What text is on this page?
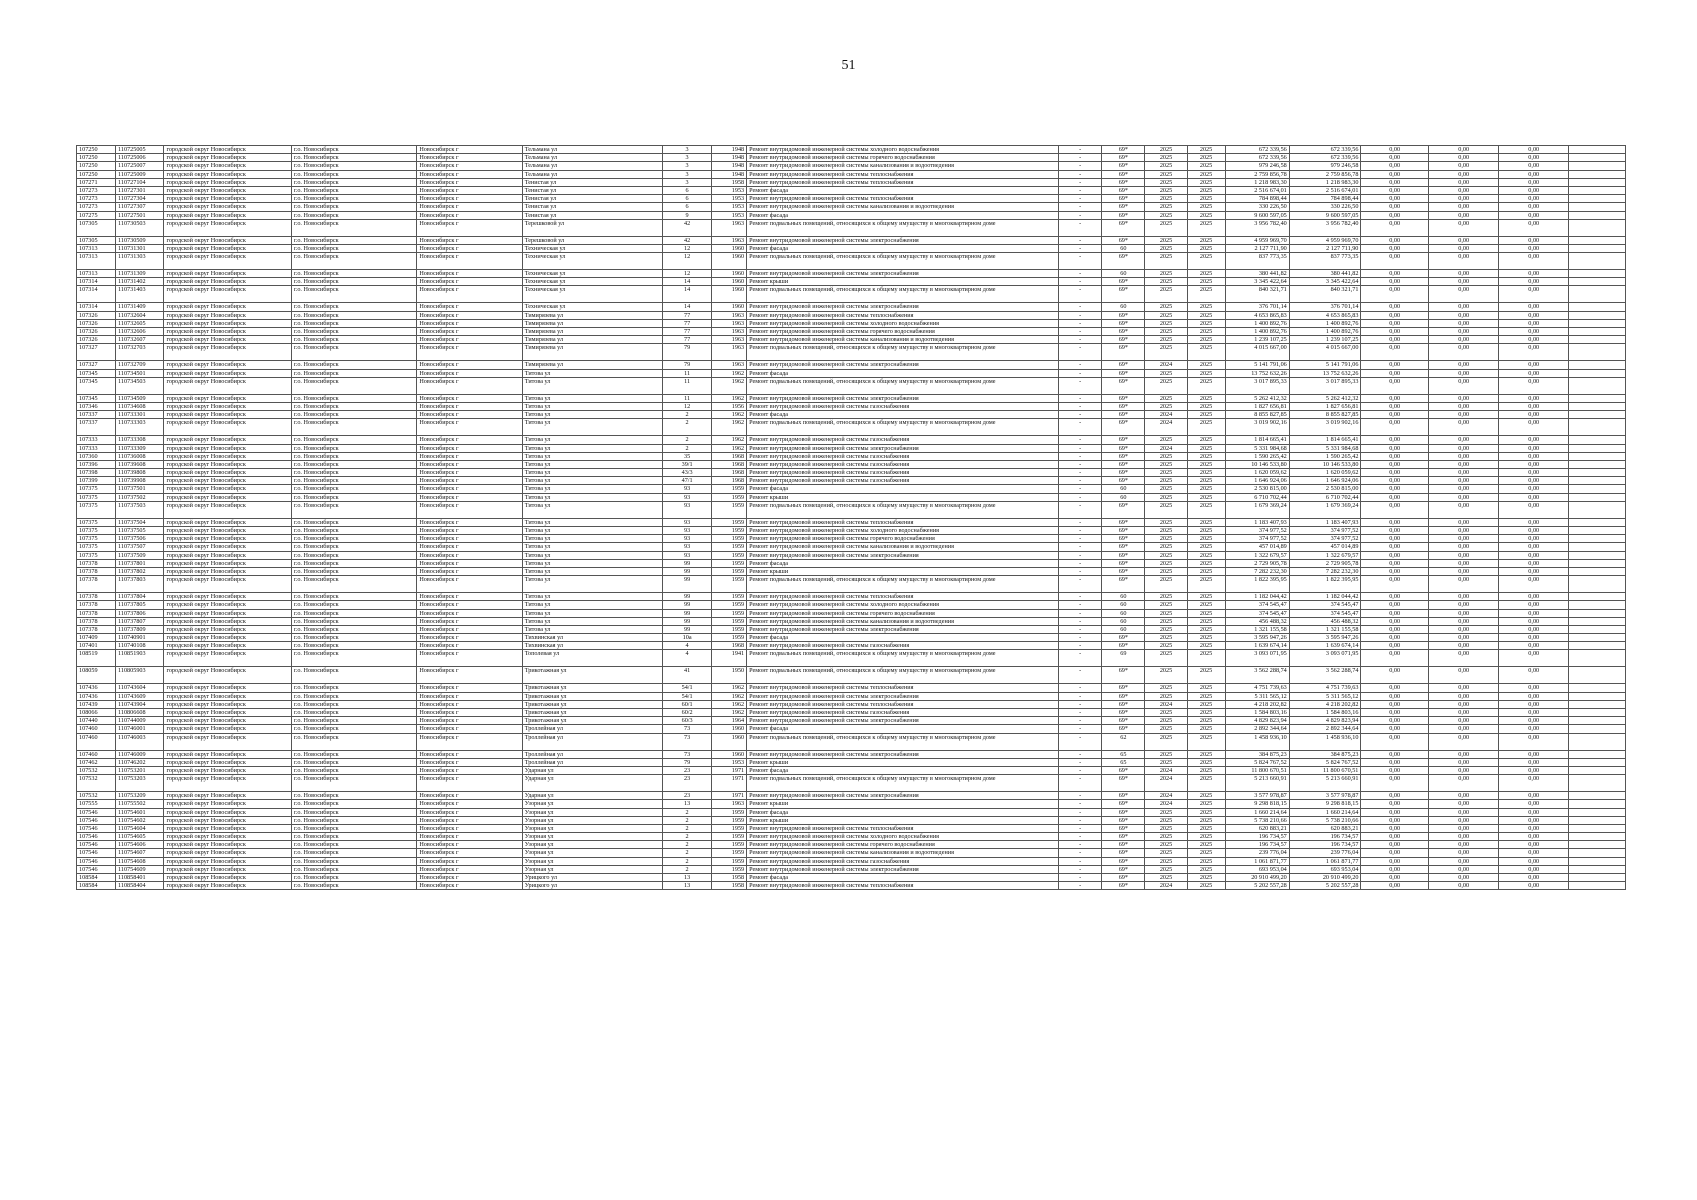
51
107250	110725005	городской округ Новосибирск	г.о. Новосибирск	Новосибирск г	Тельмана ул	3	1948	Ремонт внутридомовой инженерной системы холодного водоснабжения	-	69*	2025	2025	672 339,56	672 339,56	0,00	0,00	0,00	
107250	110725006	городской округ Новосибирск	г.о. Новосибирск	Новосибирск г	Тельмана ул	3	1948	Ремонт внутридомовой инженерной системы горячего водоснабжения	-	69*	2025	2025	672 339,56	672 339,56	0,00	0,00	0,00	
107250	110725007	городской округ Новосибирск	г.о. Новосибирск	Новосибирск г	Тельмана ул	3	1948	Ремонт внутридомовой инженерной системы канализования и водоотведения	-	69*	2025	2025	979 246,58	979 246,58	0,00	0,00	0,00	
107250	110725009	городской округ Новосибирск	г.о. Новосибирск	Новосибирск г	Тельмана ул	3	1948	Ремонт внутридомовой инженерной системы теплоснабжения	-	69*	2025	2025	2 759 856,78	2 759 856,78	0,00	0,00	0,00	
107271	110727104	городской округ Новосибирск	г.о. Новосибирск	Новосибирск г	Тенистая ул	3	1958	Ремонт внутридомовой инженерной системы теплоснабжения	-	69*	2025	2025	1 218 983,30	1 218 983,30	0,00	0,00	0,00	
107273	110727301	городской округ Новосибирск	г.о. Новосибирск	Новосибирск г	Тенистая ул	6	1953	Ремонт фасада	-	69*	2025	2025	2 516 674,01	2 516 674,01	0,00	0,00	0,00	
107273	110727304	городской округ Новосибирск	г.о. Новосибирск	Новосибирск г	Тенистая ул	6	1953	Ремонт внутридомовой инженерной системы теплоснабжения	-	69*	2025	2025	784 898,44	784 898,44	0,00	0,00	0,00	
107273	110727307	городской округ Новосибирск	г.о. Новосибирск	Новосибирск г	Тенистая ул	6	1953	Ремонт внутридомовой инженерной системы канализования и водоотведения	-	69*	2025	2025	330 226,50	330 226,50	0,00	0,00	0,00	
107275	110727501	городской округ Новосибирск	г.о. Новосибирск	Новосибирск г	Тенистая ул	9	1953	Ремонт фасада	-	69*	2025	2025	9 600 597,05	9 600 597,05	0,00	0,00	0,00	
107305	110730503	городской округ Новосибирск	г.о. Новосибирск	Новосибирск г	Терешковой ул	42	1963	Ремонт подвальных помещений, относящихся к общему имуществу в многоквартирном доме	-	69*	2025	2025	3 956 782,40	3 956 782,40	0,00	0,00	0,00	
107305	110730509	городской округ Новосибирск	г.о. Новосибирск	Новосибирск г	Терешковой ул	42	1963	Ремонт внутридомовой инженерной системы электроснабжения	-	69*	2025	2025	4 959 969,70	4 959 969,70	0,00	0,00	0,00	
107313	110731301	городской округ Новосибирск	г.о. Новосибирск	Новосибирск г	Техническая ул	12	1960	Ремонт фасада	-	60	2025	2025	2 127 711,90	2 127 711,90	0,00	0,00	0,00	
107313	110731303	городской округ Новосибирск	г.о. Новосибирск	Новосибирск г	Техническая ул	12	1960	Ремонт подвальных помещений, относящихся к общему имуществу в многоквартирном доме	-	69*	2025	2025	837 773,35	837 773,35	0,00	0,00	0,00	
107313	110731309	городской округ Новосибирск	г.о. Новосибирск	Новосибирск г	Техническая ул	12	1960	Ремонт внутридомовой инженерной системы электроснабжения	-	60	2025	2025	380 441,82	380 441,82	0,00	0,00	0,00	
107314	110731402	городской округ Новосибирск	г.о. Новосибирск	Новосибирск г	Техническая ул	14	1960	Ремонт крыши	-	69*	2025	2025	3 345 422,64	3 345 422,64	0,00	0,00	0,00	
107314	110731403	городской округ Новосибирск	г.о. Новосибирск	Новосибирск г	Техническая ул	14	1960	Ремонт подвальных помещений, относящихся к общему имуществу в многоквартирном доме	-	69*	2025	2025	840 321,71	840 321,71	0,00	0,00	0,00	
107314	110731409	городской округ Новосибирск	г.о. Новосибирск	Новосибирск г	Техническая ул	14	1960	Ремонт внутридомовой инженерной системы электроснабжения	-	60	2025	2025	376 701,14	376 701,14	0,00	0,00	0,00	
107326	110732604	городской округ Новосибирск	г.о. Новосибирск	Новосибирск г	Тимирязева ул	77	1963	Ремонт внутридомовой инженерной системы теплоснабжения	-	69*	2025	2025	4 653 865,83	4 653 865,83	0,00	0,00	0,00	
107326	110732605	городской округ Новосибирск	г.о. Новосибирск	Новосибирск г	Тимирязева ул	77	1963	Ремонт внутридомовой инженерной системы холодного водоснабжения	-	69*	2025	2025	1 400 892,76	1 400 892,76	0,00	0,00	0,00	
107326	110732606	городской округ Новосибирск	г.о. Новосибирск	Новосибирск г	Тимирязева ул	77	1963	Ремонт внутридомовой инженерной системы горячего водоснабжения	-	69*	2025	2025	1 400 892,76	1 400 892,76	0,00	0,00	0,00	
107326	110732607	городской округ Новосибирск	г.о. Новосибирск	Новосибирск г	Тимирязева ул	77	1963	Ремонт внутридомовой инженерной системы канализования и водоотведения	-	69*	2025	2025	1 239 107,25	1 239 107,25	0,00	0,00	0,00	
107327	110732703	городской округ Новосибирск	г.о. Новосибирск	Новосибирск г	Тимирязева ул	79	1963	Ремонт подвальных помещений, относящихся к общему имуществу в многоквартирном доме	-	69*	2025	2025	4 015 667,00	4 015 667,00	0,00	0,00	0,00	
107327	110732709	городской округ Новосибирск	г.о. Новосибирск	Новосибирск г	Тимирязева ул	79	1963	Ремонт внутридомовой инженерной системы электроснабжения	-	69*	2024	2025	5 141 791,06	5 141 791,06	0,00	0,00	0,00	
107345	110734501	городской округ Новосибирск	г.о. Новосибирск	Новосибирск г	Титова ул	11	1962	Ремонт фасада	-	69*	2025	2025	13 752 632,26	13 752 632,26	0,00	0,00	0,00	
107345	110734503	городской округ Новосибирск	г.о. Новосибирск	Новосибирск г	Титова ул	11	1962	Ремонт подвальных помещений, относящихся к общему имуществу в многоквартирном доме	-	69*	2025	2025	3 017 895,33	3 017 895,33	0,00	0,00	0,00	
107345	110734509	городской округ Новосибирск	г.о. Новосибирск	Новосибирск г	Титова ул	11	1962	Ремонт внутридомовой инженерной системы электроснабжения	-	69*	2025	2025	5 262 412,32	5 262 412,32	0,00	0,00	0,00	
107346	110734608	городской округ Новосибирск	г.о. Новосибирск	Новосибирск г	Титова ул	12	1956	Ремонт внутридомовой инженерной системы газоснабжения	-	69*	2025	2025	1 827 656,81	1 827 656,81	0,00	0,00	0,00	
107337	110733301	городской округ Новосибирск	г.о. Новосибирск	Новосибирск г	Титова ул	2	1962	Ремонт фасада	-	69*	2024	2025	8 855 827,85	8 855 827,85	0,00	0,00	0,00	
107337	110733303	городской округ Новосибирск	г.о. Новосибирск	Новосибирск г	Титова ул	2	1962	Ремонт подвальных помещений, относящихся к общему имуществу в многоквартирном доме	-	69*	2024	2025	3 019 902,16	3 019 902,16	0,00	0,00	0,00	
107333	110733308	городской округ Новосибирск	г.о. Новосибирск	Новосибирск г	Титова ул	2	1962	Ремонт внутридомовой инженерной системы газоснабжения	-	69*	2025	2025	1 814 665,41	1 814 665,41	0,00	0,00	0,00	
107333	110733309	городской округ Новосибирск	г.о. Новосибирск	Новосибирск г	Титова ул	2	1962	Ремонт внутридомовой инженерной системы электроснабжения	-	69*	2024	2025	5 331 984,68	5 331 984,68	0,00	0,00	0,00	
107360	110736008	городской округ Новосибирск	г.о. Новосибирск	Новосибирск г	Титова ул	35	1968	Ремонт внутридомовой инженерной системы газоснабжения	-	69*	2025	2025	1 590 265,42	1 590 265,42	0,00	0,00	0,00	
107396	110739608	городской округ Новосибирск	г.о. Новосибирск	Новосибирск г	Титова ул	39/1	1968	Ремонт внутридомовой инженерной системы газоснабжения	-	69*	2025	2025	10 146 533,80	10 146 533,80	0,00	0,00	0,00	
107398	110739808	городской округ Новосибирск	г.о. Новосибирск	Новосибирск г	Титова ул	43/3	1968	Ремонт внутридомовой инженерной системы газоснабжения	-	69*	2025	2025	1 620 059,62	1 620 059,62	0,00	0,00	0,00	
107399	110739908	городской округ Новосибирск	г.о. Новосибирск	Новосибирск г	Титова ул	47/1	1968	Ремонт внутридомовой инженерной системы газоснабжения	-	69*	2025	2025	1 646 924,06	1 646 924,06	0,00	0,00	0,00	
107375	110737501	городской округ Новосибирск	г.о. Новосибирск	Новосибирск г	Титова ул	93	1959	Ремонт фасада	-	60	2025	2025	2 530 815,00	2 530 815,00	0,00	0,00	0,00	
107375	110737502	городской округ Новосибирск	г.о. Новосибирск	Новосибирск г	Титова ул	93	1959	Ремонт крыши	-	60	2025	2025	6 710 702,44	6 710 702,44	0,00	0,00	0,00	
107375	110737503	городской округ Новосибирск	г.о. Новосибирск	Новосибирск г	Титова ул	93	1959	Ремонт подвальных помещений, относящихся к общему имуществу в многоквартирном доме	-	69*	2025	2025	1 679 369,24	1 679 369,24	0,00	0,00	0,00	
107375	110737504	городской округ Новосибирск	г.о. Новосибирск	Новосибирск г	Титова ул	93	1959	Ремонт внутридомовой инженерной системы теплоснабжения	-	69*	2025	2025	1 183 407,93	1 183 407,93	0,00	0,00	0,00	
107375	110737505	городской округ Новосибирск	г.о. Новосибирск	Новосибирск г	Титова ул	93	1959	Ремонт внутридомовой инженерной системы холодного водоснабжения	-	69*	2025	2025	374 977,52	374 977,52	0,00	0,00	0,00	
107375	110737506	городской округ Новосибирск	г.о. Новосибирск	Новосибирск г	Титова ул	93	1959	Ремонт внутридомовой инженерной системы горячего водоснабжения	-	69*	2025	2025	374 977,52	374 977,52	0,00	0,00	0,00	
107375	110737507	городской округ Новосибирск	г.о. Новосибирск	Новосибирск г	Титова ул	93	1959	Ремонт внутридомовой инженерной системы канализования и водоотведения	-	69*	2025	2025	457 014,89	457 014,89	0,00	0,00	0,00	
107375	110737509	городской округ Новосибирск	г.о. Новосибирск	Новосибирск г	Титова ул	93	1959	Ремонт внутридомовой инженерной системы электроснабжения	-	69*	2025	2025	1 322 679,57	1 322 679,57	0,00	0,00	0,00	
107378	110737801	городской округ Новосибирск	г.о. Новосибирск	Новосибирск г	Титова ул	99	1959	Ремонт фасада	-	69*	2025	2025	2 729 905,78	2 729 905,78	0,00	0,00	0,00	
107378	110737802	городской округ Новосибирск	г.о. Новосибирск	Новосибирск г	Титова ул	99	1959	Ремонт крыши	-	69*	2025	2025	7 282 232,30	7 282 232,30	0,00	0,00	0,00	
107378	110737803	городской округ Новосибирск	г.о. Новосибирск	Новосибирск г	Титова ул	99	1959	Ремонт подвальных помещений, относящихся к общему имуществу в многоквартирном доме	-	69*	2025	2025	1 822 395,95	1 822 395,95	0,00	0,00	0,00	
107378	110737804	городской округ Новосибирск	г.о. Новосибирск	Новосибирск г	Титова ул	99	1959	Ремонт внутридомовой инженерной системы теплоснабжения	-	60	2025	2025	1 182 044,42	1 182 044,42	0,00	0,00	0,00	
107378	110737805	городской округ Новосибирск	г.о. Новосибирск	Новосибирск г	Титова ул	99	1959	Ремонт внутридомовой инженерной системы холодного водоснабжения	-	60	2025	2025	374 545,47	374 545,47	0,00	0,00	0,00	
107378	110737806	городской округ Новосибирск	г.о. Новосибирск	Новосибирск г	Титова ул	99	1959	Ремонт внутридомовой инженерной системы горячего водоснабжения	-	60	2025	2025	374 545,47	374 545,47	0,00	0,00	0,00	
107378	110737807	городской округ Новосибирск	г.о. Новосибирск	Новосибирск г	Титова ул	99	1959	Ремонт внутридомовой инженерной системы канализования и водоотведения	-	60	2025	2025	456 488,32	456 488,32	0,00	0,00	0,00	
107378	110737809	городской округ Новосибирск	г.о. Новосибирск	Новосибирск г	Титова ул	99	1959	Ремонт внутридомовой инженерной системы электроснабжения	-	60	2025	2025	1 321 155,58	1 321 155,58	0,00	0,00	0,00	
107409	110740901	городской округ Новосибирск	г.о. Новосибирск	Новосибирск г	Тихвинская ул	10а	1959	Ремонт фасада	-	69*	2025	2025	3 595 947,26	3 595 947,26	0,00	0,00	0,00	
107401	110740108	городской округ Новосибирск	г.о. Новосибирск	Новосибирск г	Тихвинская ул	4	1968	Ремонт внутридомовой инженерной системы газоснабжения	-	69*	2025	2025	1 639 674,14	1 639 674,14	0,00	0,00	0,00	
108519	110851903	городской округ Новосибирск	г.о. Новосибирск	Новосибирск г	Тополевая ул	4	1941	Ремонт подвальных помещений, относящихся к общему имуществу в многоквартирном доме	-	69	2025	2025	3 093 071,95	3 093 071,95	0,00	0,00	0,00	
108059	110805903	городской округ Новосибирск	г.о. Новосибирск	Новосибирск г	Трикотажная ул	41	1950	Ремонт подвальных помещений, относящихся к общему имуществу в многоквартирном доме	-	69*	2025	2025	3 562 288,74	3 562 288,74	0,00	0,00	0,00	
107436	110743604	городской округ Новосибирск	г.о. Новосибирск	Новосибирск г	Трикотажная ул	54/1	1962	Ремонт внутридомовой инженерной системы теплоснабжения	-	69*	2025	2025	4 751 739,63	4 751 739,63	0,00	0,00	0,00	
107436	110743609	городской округ Новосибирск	г.о. Новосибирск	Новосибирск г	Трикотажная ул	54/1	1962	Ремонт внутридомовой инженерной системы электроснабжения	-	69*	2025	2025	5 311 565,12	5 311 565,12	0,00	0,00	0,00	
107439	110743904	городской округ Новосибирск	г.о. Новосибирск	Новосибирск г	Трикотажная ул	60/1	1962	Ремонт внутридомовой инженерной системы теплоснабжения	-	69*	2024	2025	4 218 202,82	4 218 202,82	0,00	0,00	0,00	
108066	110806608	городской округ Новосибирск	г.о. Новосибирск	Новосибирск г	Трикотажная ул	60/2	1962	Ремонт внутридомовой инженерной системы газоснабжения	-	69*	2025	2025	1 584 803,16	1 584 803,16	0,00	0,00	0,00	
107440	110744009	городской округ Новосибирск	г.о. Новосибирск	Новосибирск г	Трикотажная ул	60/3	1964	Ремонт внутридомовой инженерной системы электроснабжения	-	69*	2025	2025	4 829 823,94	4 829 823,94	0,00	0,00	0,00	
107460	110746001	городской округ Новосибирск	г.о. Новосибирск	Новосибирск г	Троллейная ул	73	1960	Ремонт фасада	-	69*	2025	2025	2 892 344,64	2 892 344,64	0,00	0,00	0,00	
107460	110746003	городской округ Новосибирск	г.о. Новосибирск	Новосибирск г	Троллейная ул	73	1960	Ремонт подвальных помещений, относящихся к общему имуществу в многоквартирном доме	-	62	2025	2025	1 458 936,10	1 458 936,10	0,00	0,00	0,00	
107460	110746009	городской округ Новосибирск	г.о. Новосибирск	Новосибирск г	Троллейная ул	73	1960	Ремонт внутридомовой инженерной системы электроснабжения	-	65	2025	2025	384 875,23	384 875,23	0,00	0,00	0,00	
107462	110746202	городской округ Новосибирск	г.о. Новосибирск	Новосибирск г	Троллейная ул	79	1953	Ремонт крыши	-	65	2025	2025	5 824 767,52	5 824 767,52	0,00	0,00	0,00	
107532	110753201	городской округ Новосибирск	г.о. Новосибирск	Новосибирск г	Ударная ул	23	1971	Ремонт фасада	-	69*	2024	2025	11 800 670,51	11 800 670,51	0,00	0,00	0,00	
107532	110753203	городской округ Новосибирск	г.о. Новосибирск	Новосибирск г	Ударная ул	23	1971	Ремонт подвальных помещений, относящихся к общему имуществу в многоквартирном доме	-	69*	2024	2025	5 213 660,91	5 213 660,91	0,00	0,00	0,00	
107532	110753209	городской округ Новосибирск	г.о. Новосибирск	Новосибирск г	Ударная ул	23	1971	Ремонт внутридомовой инженерной системы электроснабжения	-	69*	2024	2025	3 577 978,87	3 577 978,87	0,00	0,00	0,00	
107555	110755502	городской округ Новосибирск	г.о. Новосибирск	Новосибирск г	Узорная ул	13	1963	Ремонт крыши	-	69*	2024	2025	9 298 818,15	9 298 818,15	0,00	0,00	0,00	
107546	110754601	городской округ Новосибирск	г.о. Новосибирск	Новосибирск г	Узорная ул	2	1959	Ремонт фасада	-	69*	2025	2025	1 660 214,64	1 660 214,64	0,00	0,00	0,00	
107546	110754602	городской округ Новосибирск	г.о. Новосибирск	Новосибирск г	Узорная ул	2	1959	Ремонт крыши	-	69*	2025	2025	5 738 210,66	5 738 210,66	0,00	0,00	0,00	
107546	110754604	городской округ Новосибирск	г.о. Новосибирск	Новосибирск г	Узорная ул	2	1959	Ремонт внутридомовой инженерной системы теплоснабжения	-	69*	2025	2025	620 883,21	620 883,21	0,00	0,00	0,00	
107546	110754605	городской округ Новосибирск	г.о. Новосибирск	Новосибирск г	Узорная ул	2	1959	Ремонт внутридомовой инженерной системы холодного водоснабжения	-	69*	2025	2025	196 734,57	196 734,57	0,00	0,00	0,00	
107546	110754606	городской округ Новосибирск	г.о. Новосибирск	Новосибирск г	Узорная ул	2	1959	Ремонт внутридомовой инженерной системы горячего водоснабжения	-	69*	2025	2025	196 734,57	196 734,57	0,00	0,00	0,00	
107546	110754607	городской округ Новосибирск	г.о. Новосибирск	Новосибирск г	Узорная ул	2	1959	Ремонт внутридомовой инженерной системы канализования и водоотведения	-	69*	2025	2025	239 776,04	239 776,04	0,00	0,00	0,00	
107546	110754608	городской округ Новосибирск	г.о. Новосибирск	Новосибирск г	Узорная ул	2	1959	Ремонт внутридомовой инженерной системы газоснабжения	-	69*	2025	2025	1 061 871,77	1 061 871,77	0,00	0,00	0,00	
107546	110754609	городской округ Новосибирск	г.о. Новосибирск	Новосибирск г	Узорная ул	2	1959	Ремонт внутридомовой инженерной системы электроснабжения	-	69*	2025	2025	693 953,04	693 953,04	0,00	0,00	0,00	
108584	110858401	городской округ Новосибирск	г.о. Новосибирск	Новосибирск г	Урицкого ул	13	1958	Ремонт фасада	-	69*	2025	2025	20 910 499,20	20 910 499,20	0,00	0,00	0,00	
108584	110858404	городской округ Новосибирск	г.о. Новосибирск	Новосибирск г	Урицкого ул	13	1958	Ремонт внутридомовой инженерной системы теплоснабжения	-	69*	2024	2025	5 202 557,28	5 202 557,28	0,00	0,00	0,00	
